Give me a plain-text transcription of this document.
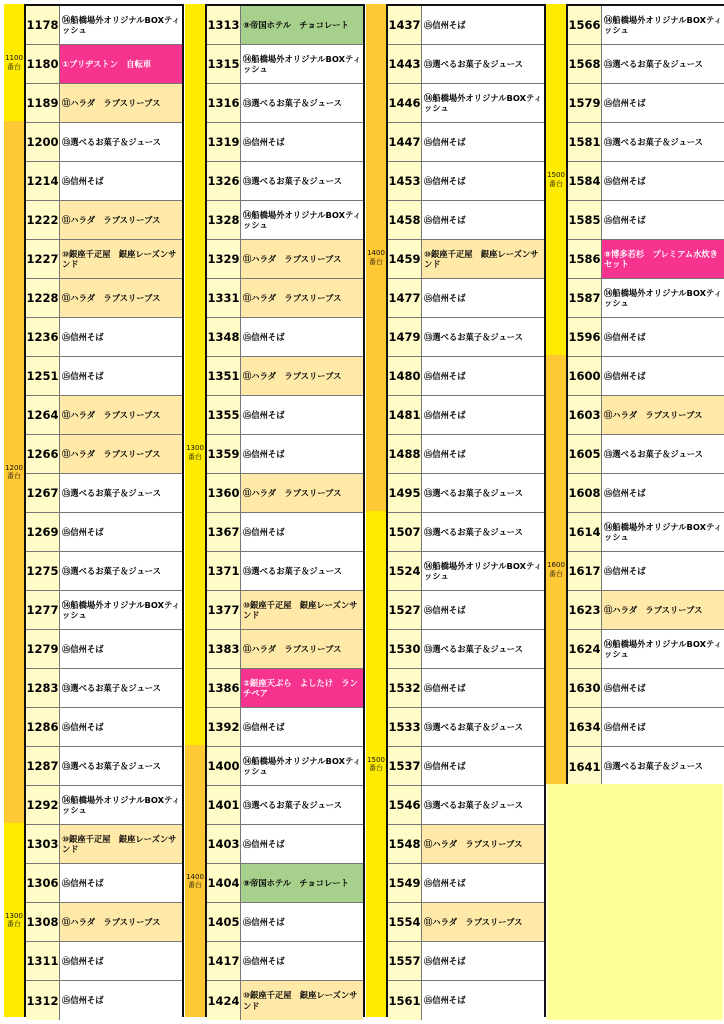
1100番台
1200番台
1300番台
1178 ⑭船橋場外オリジナルBOXティッシュ
1180 ①ブリヂストン　自転車
1189 ⑪ハラダ　ラブスリーブス
1200 ⑬選べるお菓子＆ジュース
1214 ⑮信州そば
1222 ⑪ハラダ　ラブスリーブス
1227 ⑩銀座千疋屋　銀座レーズンサンド
1228 ⑪ハラダ　ラブスリーブス
1236 ⑮信州そば
1251 ⑮信州そば
1264 ⑪ハラダ　ラブスリーブス
1266 ⑪ハラダ　ラブスリーブス
1267 ⑬選べるお菓子＆ジュース
1269 ⑮信州そば
1275 ⑬選べるお菓子＆ジュース
1277 ⑭船橋場外オリジナルBOXティッシュ
1279 ⑮信州そば
1283 ⑬選べるお菓子＆ジュース
1286 ⑮信州そば
1287 ⑬選べるお菓子＆ジュース
1292 ⑭船橋場外オリジナルBOXティッシュ
1303 ⑩銀座千疋屋　銀座レーズンサンド
1306 ⑮信州そば
1308 ⑪ハラダ　ラブスリーブス
1311 ⑮信州そば
1312 ⑮信州そば
1300番台
1400番台
1313 ⑨帝国ホテル　チョコレート
1315 ⑭船橋場外オリジナルBOXティッシュ
1316 ⑬選べるお菓子＆ジュース
1319 ⑮信州そば
1326 ⑬選べるお菓子＆ジュース
1328 ⑭船橋場外オリジナルBOXティッシュ
1329 ⑪ハラダ　ラブスリーブス
1331 ⑪ハラダ　ラブスリーブス
1348 ⑮信州そば
1351 ⑪ハラダ　ラブスリーブス
1355 ⑮信州そば
1359 ⑮信州そば
1360 ⑪ハラダ　ラブスリーブス
1367 ⑮信州そば
1371 ⑬選べるお菓子＆ジュース
1377 ⑩銀座千疋屋　銀座レーズンサンド
1383 ⑪ハラダ　ラブスリーブス
1386 ②銀座天ぷら　よしたけ　ランチペア
1392 ⑮信州そば
1400 ⑭船橋場外オリジナルBOXティッシュ
1401 ⑬選べるお菓子＆ジュース
1403 ⑮信州そば
1404 ⑨帝国ホテル　チョコレート
1405 ⑮信州そば
1417 ⑮信州そば
1424 ⑩銀座千疋屋　銀座レーズンサンド
1400番台
1500番台
1437 ⑮信州そば
1443 ⑬選べるお菓子＆ジュース
1446 ⑭船橋場外オリジナルBOXティッシュ
1447 ⑮信州そば
1453 ⑮信州そば
1458 ⑮信州そば
1459 ⑩銀座千疋屋　銀座レーズンサンド
1477 ⑮信州そば
1479 ⑬選べるお菓子＆ジュース
1480 ⑮信州そば
1481 ⑮信州そば
1488 ⑮信州そば
1495 ⑬選べるお菓子＆ジュース
1507 ⑬選べるお菓子＆ジュース
1524 ⑭船橋場外オリジナルBOXティッシュ
1527 ⑮信州そば
1530 ⑬選べるお菓子＆ジュース
1532 ⑮信州そば
1533 ⑬選べるお菓子＆ジュース
1537 ⑮信州そば
1546 ⑬選べるお菓子＆ジュース
1548 ⑪ハラダ　ラブスリーブス
1549 ⑮信州そば
1554 ⑪ハラダ　ラブスリーブス
1557 ⑮信州そば
1561 ⑮信州そば
1500番台
1600番台
1566 ⑭船橋場外オリジナルBOXティッシュ
1568 ⑬選べるお菓子＆ジュース
1579 ⑮信州そば
1581 ⑬選べるお菓子＆ジュース
1584 ⑮信州そば
1585 ⑮信州そば
1586 ⑧博多若杉　プレミアム水炊きセット
1587 ⑭船橋場外オリジナルBOXティッシュ
1596 ⑮信州そば
1600 ⑮信州そば
1603 ⑪ハラダ　ラブスリーブス
1605 ⑬選べるお菓子＆ジュース
1608 ⑮信州そば
1614 ⑭船橋場外オリジナルBOXティッシュ
1617 ⑮信州そば
1623 ⑪ハラダ　ラブスリーブス
1624 ⑭船橋場外オリジナルBOXティッシュ
1630 ⑮信州そば
1634 ⑮信州そば
1641 ⑬選べるお菓子＆ジュース
